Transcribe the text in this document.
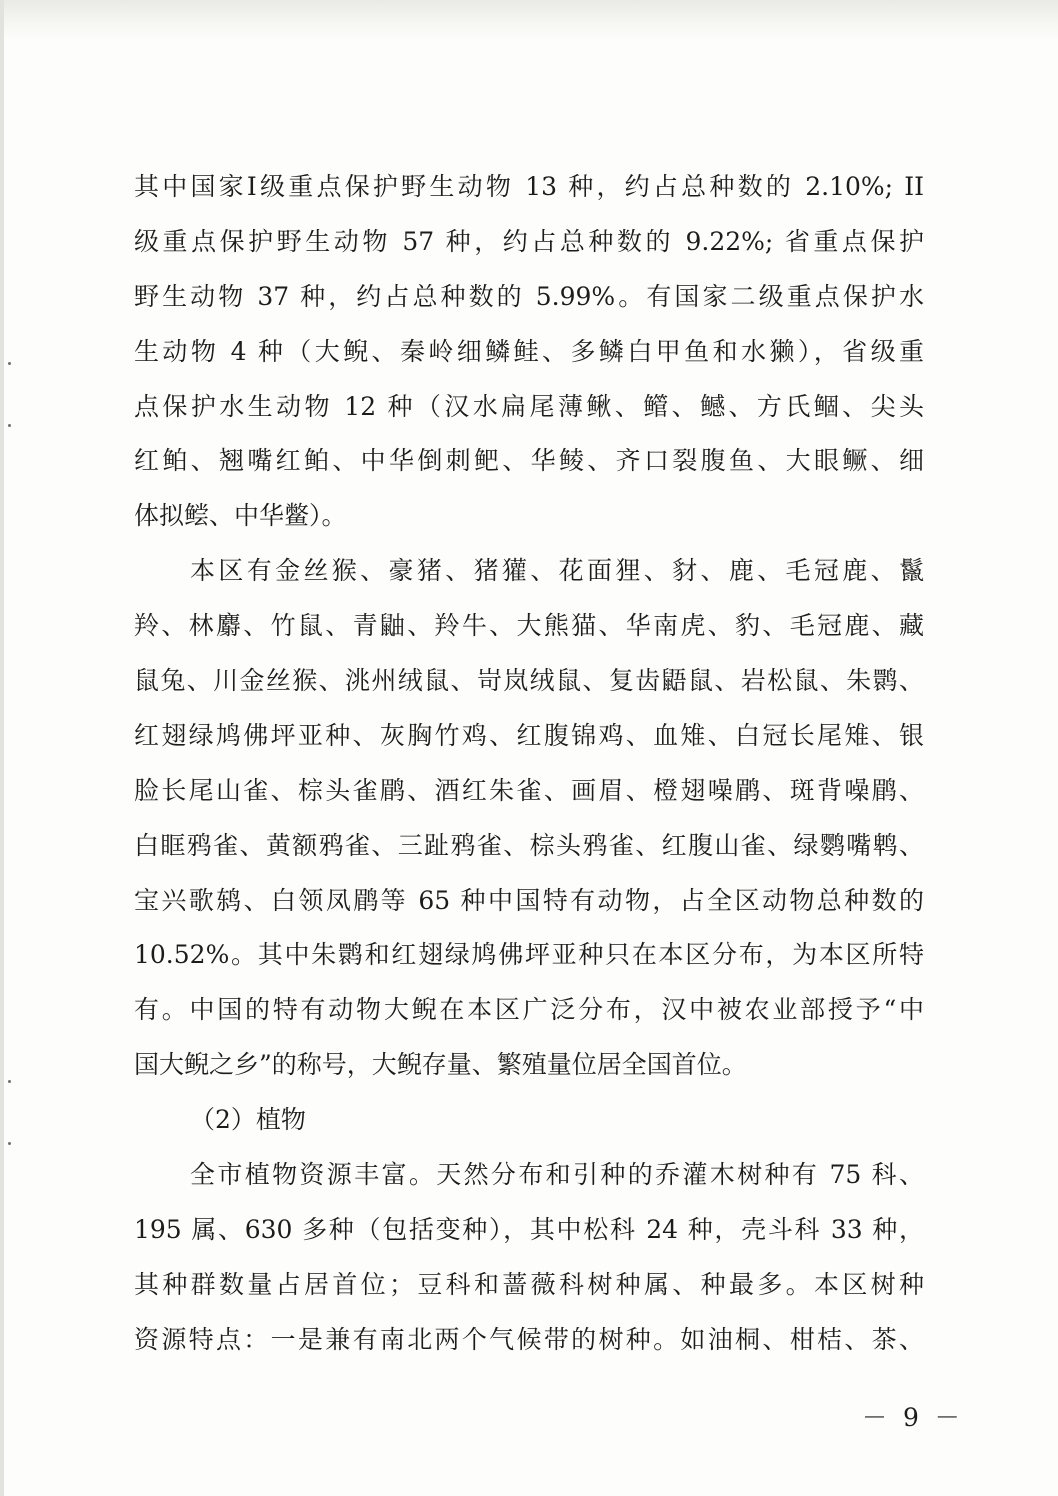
其中国家I级重点保护野生动物 13 种，约占总种数的 2.10%; II
级重点保护野生动物 57 种，约占总种数的 9.22%; 省重点保护
野生动物 37 种，约占总种数的 5.99%。有国家二级重点保护水
生动物 4 种（大鲵、秦岭细鳞鲑、多鳞白甲鱼和水獭），省级重
点保护水生动物 12 种（汉水扁尾薄鳅、鳤、鳡、方氏鲴、尖头
红鲌、翘嘴红鲌、中华倒刺鲃、华鲮、齐口裂腹鱼、大眼鳜、细
体拟鲿、中华鳖）。
本区有金丝猴、豪猪、猪獾、花面狸、豺、鹿、毛冠鹿、鬣
羚、林麝、竹鼠、青鼬、羚牛、大熊猫、华南虎、豹、毛冠鹿、藏
鼠兔、川金丝猴、洮州绒鼠、岢岚绒鼠、复齿鼯鼠、岩松鼠、朱鹮、
红翅绿鸠佛坪亚种、灰胸竹鸡、红腹锦鸡、血雉、白冠长尾雉、银
脸长尾山雀、棕头雀鹛、酒红朱雀、画眉、橙翅噪鹛、斑背噪鹛、
白眶鸦雀、黄额鸦雀、三趾鸦雀、棕头鸦雀、红腹山雀、绿鹦嘴鹎、
宝兴歌鸫、白领凤鹛等 65 种中国特有动物，占全区动物总种数的
10.52%。其中朱鹮和红翅绿鸠佛坪亚种只在本区分布，为本区所特
有。中国的特有动物大鲵在本区广泛分布，汉中被农业部授予“中
国大鲵之乡”的称号，大鲵存量、繁殖量位居全国首位。
（2）植物
全市植物资源丰富。天然分布和引种的乔灌木树种有 75 科、
195 属、630 多种（包括变种），其中松科 24 种，壳斗科 33 种，
其种群数量占居首位；豆科和蔷薇科树种属、种最多。本区树种
资源特点：一是兼有南北两个气候带的树种。如油桐、柑桔、茶、
－ 9 －
